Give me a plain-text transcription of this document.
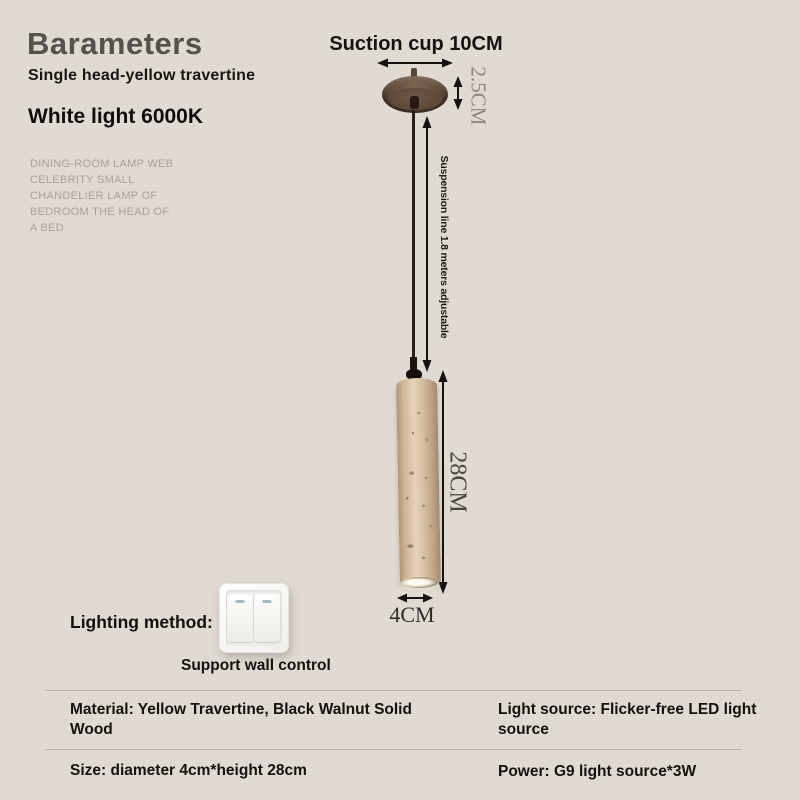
Barameters
Single head-yellow travertine
White light 6000K
DINING-ROOM LAMP WEB
CELEBRITY SMALL
CHANDELIER LAMP OF
BEDROOM THE HEAD OF
A BED
Suction cup 10CM
2.5CM
Suspension line 1.8 meters adjustable
28CM
4CM
Lighting method:
Support wall control
Material: Yellow Travertine, Black Walnut Solid Wood
Light source: Flicker-free LED light source
Size: diameter 4cm*height 28cm	Power: G9 light source*3W
